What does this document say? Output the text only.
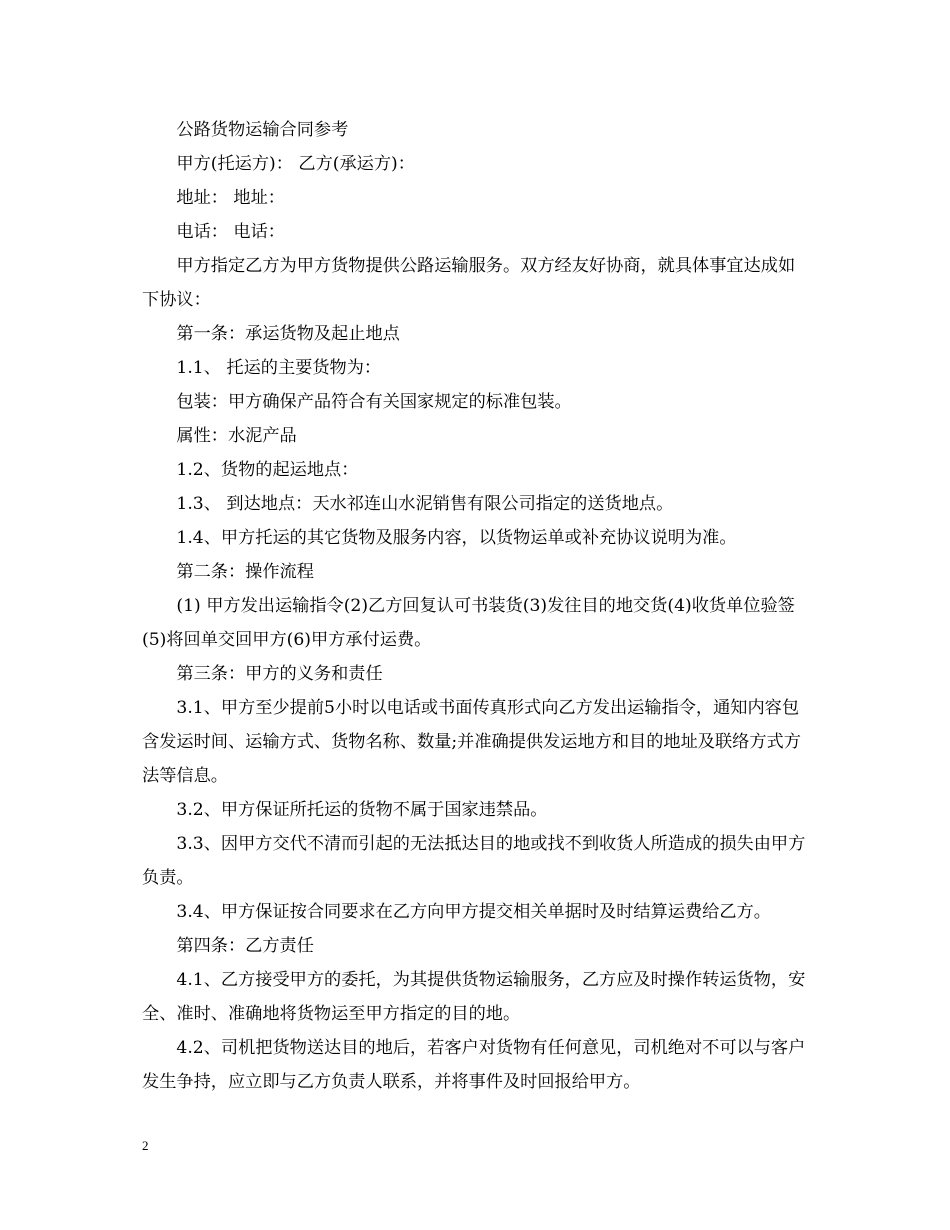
公路货物运输合同参考

甲方(托运方)： 乙方(承运方)：

地址： 地址：

电话： 电话：

甲方指定乙方为甲方货物提供公路运输服务。双方经友好协商，就具体事宜达成如下协议：

第一条：承运货物及起止地点

1.1、 托运的主要货物为：

包装：甲方确保产品符合有关国家规定的标准包装。

属性：水泥产品

1.2、货物的起运地点：

1.3、 到达地点：天水祁连山水泥销售有限公司指定的送货地点。

1.4、甲方托运的其它货物及服务内容，以货物运单或补充协议说明为准。

第二条：操作流程

(1) 甲方发出运输指令(2)乙方回复认可书装货(3)发往目的地交货(4)收货单位验签(5)将回单交回甲方(6)甲方承付运费。

第三条：甲方的义务和责任

3.1、甲方至少提前5小时以电话或书面传真形式向乙方发出运输指令，通知内容包含发运时间、运输方式、货物名称、数量;并准确提供发运地方和目的地址及联络方式方法等信息。

3.2、甲方保证所托运的货物不属于国家违禁品。

3.3、因甲方交代不清而引起的无法抵达目的地或找不到收货人所造成的损失由甲方负责。

3.4、甲方保证按合同要求在乙方向甲方提交相关单据时及时结算运费给乙方。

第四条：乙方责任

4.1、乙方接受甲方的委托，为其提供货物运输服务，乙方应及时操作转运货物，安全、准时、准确地将货物运至甲方指定的目的地。

4.2、司机把货物送达目的地后，若客户对货物有任何意见，司机绝对不可以与客户发生争持，应立即与乙方负责人联系，并将事件及时回报给甲方。

2
